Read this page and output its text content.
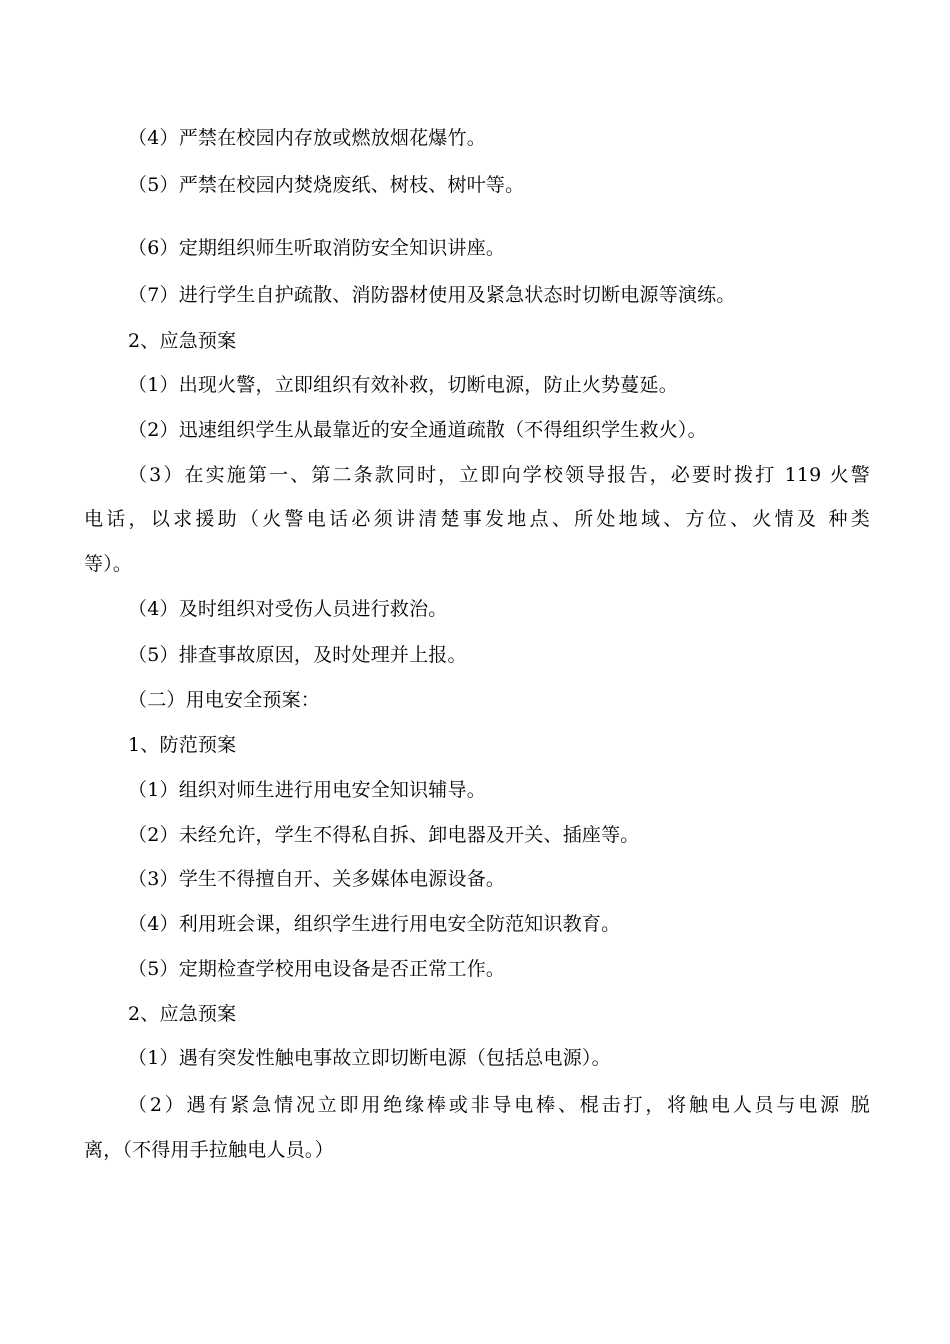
（4）严禁在校园内存放或燃放烟花爆竹。
（5）严禁在校园内焚烧废纸、树枝、树叶等。
（6）定期组织师生听取消防安全知识讲座。
（7）进行学生自护疏散、消防器材使用及紧急状态时切断电源等演练。
2、应急预案
（1）出现火警，立即组织有效补救，切断电源，防止火势蔓延。
（2）迅速组织学生从最靠近的安全通道疏散（不得组织学生救火）。
（3）在实施第一、第二条款同时，立即向学校领导报告，必要时拨打 119 火警
电话，以求援助（火警电话必须讲清楚事发地点、所处地域、方位、火情及 种类
等）。
（4）及时组织对受伤人员进行救治。
（5）排查事故原因，及时处理并上报。
（二）用电安全预案：
1、防范预案
（1）组织对师生进行用电安全知识辅导。
（2）未经允许，学生不得私自拆、卸电器及开关、插座等。
（3）学生不得擅自开、关多媒体电源设备。
（4）利用班会课，组织学生进行用电安全防范知识教育。
（5）定期检查学校用电设备是否正常工作。
2、应急预案
（1）遇有突发性触电事故立即切断电源（包括总电源）。
（2）遇有紧急情况立即用绝缘棒或非导电棒、棍击打，将触电人员与电源 脱
离，（不得用手拉触电人员。）
